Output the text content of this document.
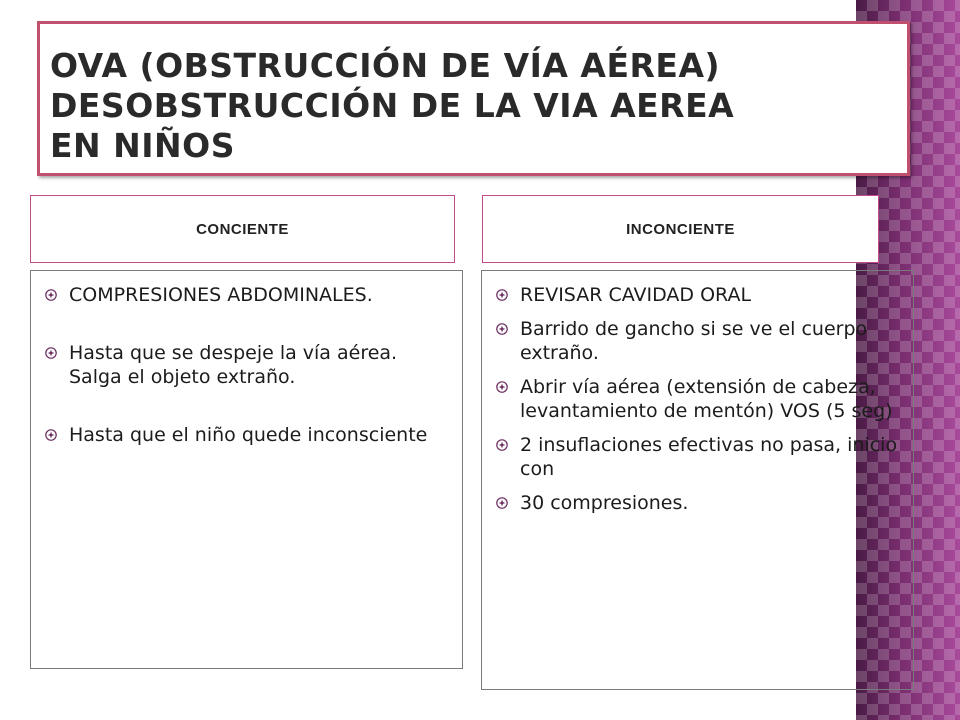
OVA (OBSTRUCCIÓN DE VÍA AÉREA)
DESOBSTRUCCIÓN DE LA VIA AEREA
EN NIÑOS
CONCIENTE	INCONCIENTE
COMPRESIONES ABDOMINALES.
Hasta que se despeje la vía aérea. Salga el objeto extraño.
Hasta que el niño quede inconsciente
REVISAR CAVIDAD ORAL
Barrido de gancho si se ve el cuerpo extraño.
Abrir vía aérea (extensión de cabeza, levantamiento de mentón) VOS (5 seg)
2 insuflaciones efectivas no pasa, inicio con
30 compresiones.
